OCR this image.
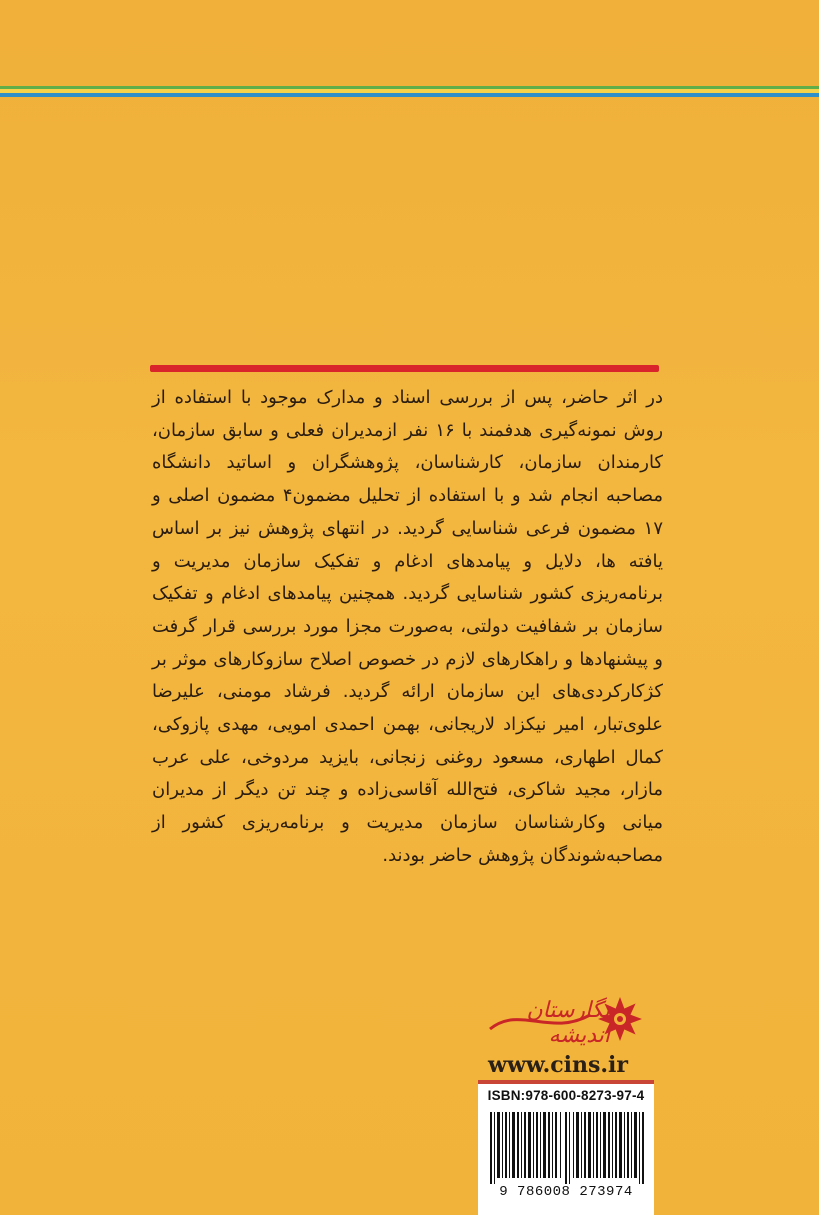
در اثر حاضر، پس از بررسی اسناد و مدارک موجود با استفاده از روش نمونه‌گیری هدفمند با ۱۶ نفر ازمدیران فعلی و سابق سازمان، کارمندان سازمان، کارشناسان، پژوهشگران و اساتید دانشگاه مصاحبه انجام شد و با استفاده از تحلیل مضمون۴ مضمون اصلی و ۱۷ مضمون فرعی شناسایی گردید. در انتهای پژوهش نیز بر اساس یافته ها، دلایل و پیامدهای ادغام و تفکیک سازمان مدیریت و برنامه‌ریزی کشور شناسایی گردید. همچنین پیامدهای ادغام و تفکیک سازمان بر شفافیت دولتی، به‌صورت مجزا مورد بررسی قرار گرفت و پیشنهادها و راهکارهای لازم در خصوص اصلاح سازوکارهای موثر بر کژکارکردی‌های این سازمان ارائه گردید. فرشاد مومنی، علیرضا علوی‌تبار، امیر نیکزاد لاریجانی، بهمن احمدی امویی، مهدی پازوکی، کمال اطهاری، مسعود روغنی زنجانی، بایزید مردوخی، علی عرب مازار، مجید شاکری، فتح‌الله آقاسی‌زاده و چند تن دیگر از مدیران میانی وکارشناسان سازمان مدیریت و برنامه‌ریزی کشور از مصاحبه‌شوندگان پژوهش حاضر بودند.

نگارستان اندیشه
www.cins.ir
ISBN:978-600-8273-97-4
9 786008 273974
